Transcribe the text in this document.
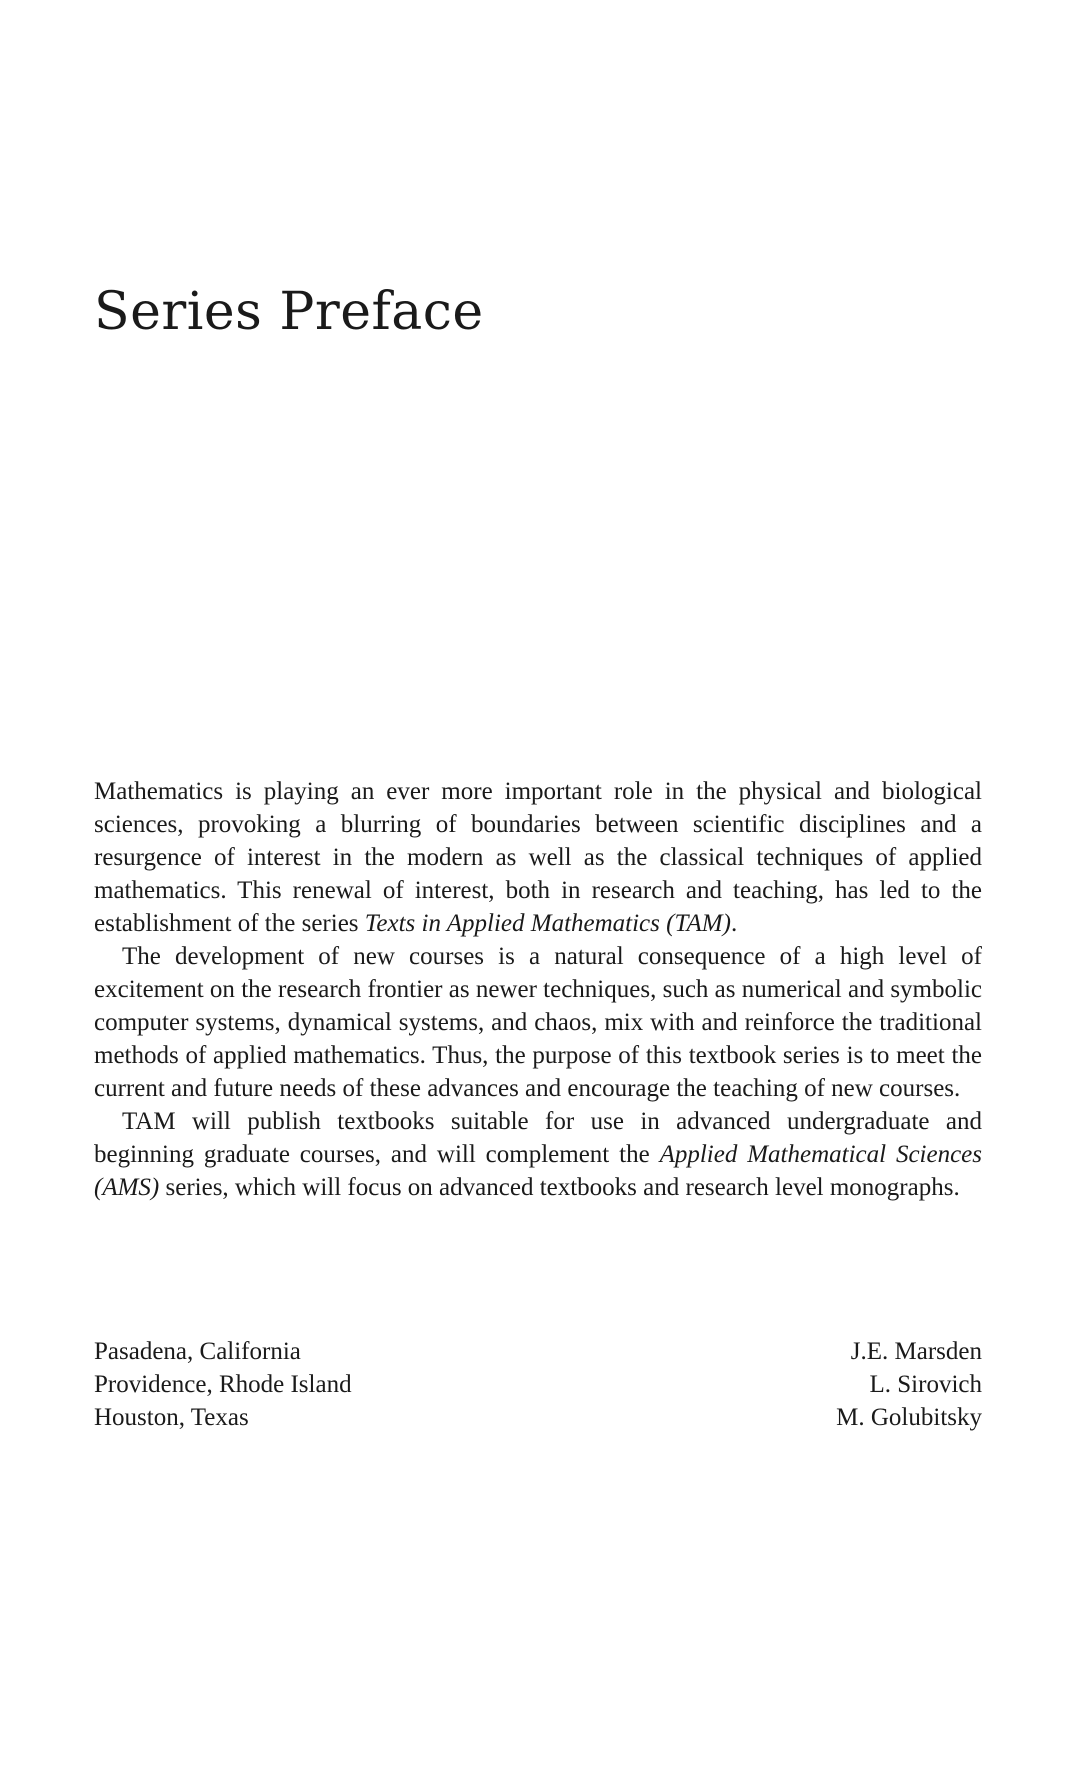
Series Preface

Mathematics is playing an ever more important role in the physical and biological sciences, provoking a blurring of boundaries between scientific disciplines and a resurgence of interest in the modern as well as the classical techniques of applied mathematics. This renewal of interest, both in research and teaching, has led to the establishment of the series Texts in Applied Mathematics (TAM).

The development of new courses is a natural consequence of a high level of excitement on the research frontier as newer techniques, such as numerical and symbolic computer systems, dynamical systems, and chaos, mix with and reinforce the traditional methods of applied mathematics. Thus, the purpose of this textbook series is to meet the current and future needs of these advances and encourage the teaching of new courses.

TAM will publish textbooks suitable for use in advanced undergraduate and beginning graduate courses, and will complement the Applied Mathematical Sciences (AMS) series, which will focus on advanced textbooks and research level monographs.

Pasadena, California
Providence, Rhode Island
Houston, Texas
J.E. Marsden
L. Sirovich
M. Golubitsky
